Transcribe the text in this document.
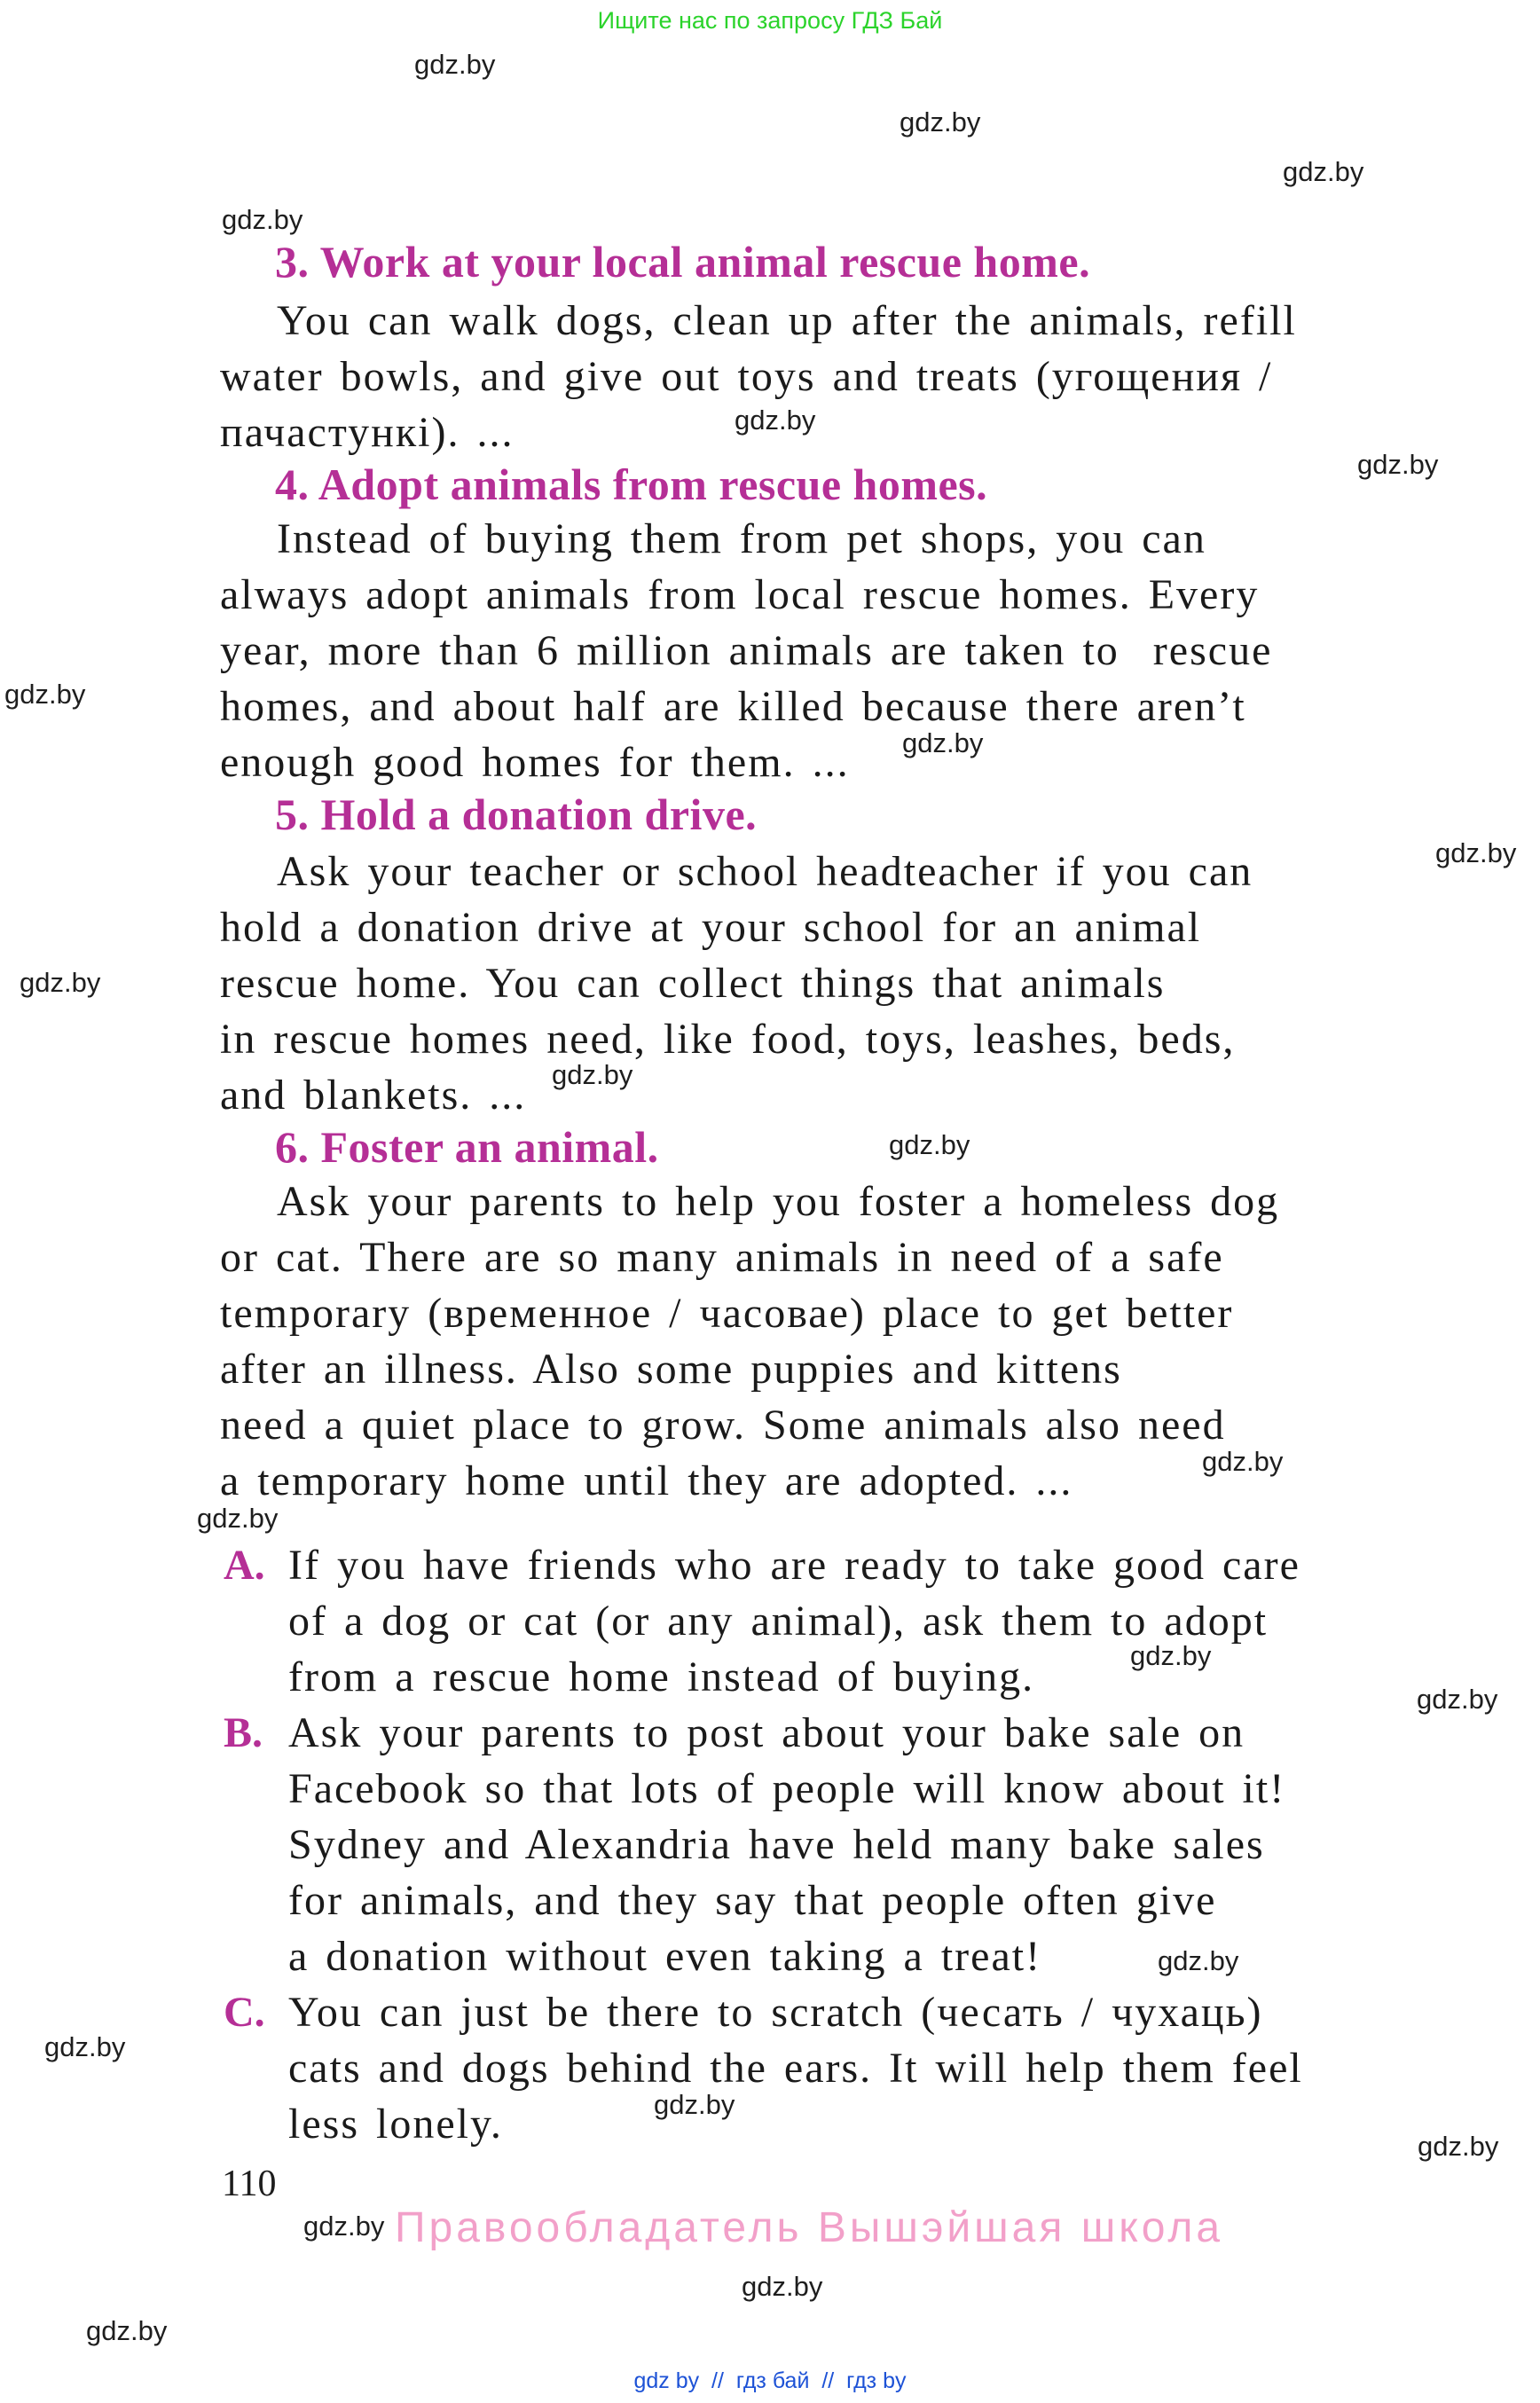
Ищите нас по запросу ГДЗ Бай
110
Правообладатель Вышэйшая школа
gdz by  //  гдз бай  //  гдз by
gdz.by
gdz.by
gdz.by
gdz.by
gdz.by
gdz.by
gdz.by
gdz.by
gdz.by
gdz.by
gdz.by
gdz.by
gdz.by
gdz.by
gdz.by
gdz.by
gdz.by
gdz.by
gdz.by
gdz.by
gdz.by
gdz.by
gdz.by
3. Work at your local animal rescue home.
You can walk dogs, clean up after the animals, refill
water bowls, and give out toys and treats (угощения /
пачастункі). ...
4. Adopt animals from rescue homes.
Instead of buying them from pet shops, you can
always adopt animals from local rescue homes. Every
year, more than 6 million animals are taken to  rescue
homes, and about half are killed because there aren’t
enough good homes for them. ...
5. Hold a donation drive.
Ask your teacher or school headteacher if you can
hold a donation drive at your school for an animal
rescue home. You can collect things that animals
in rescue homes need, like food, toys, leashes, beds,
and blankets. ...
6. Foster an animal.
Ask your parents to help you foster a homeless dog
or cat. There are so many animals in need of a safe
temporary (временное / часовае) place to get better
after an illness. Also some puppies and kittens
need a quiet place to grow. Some animals also need
a temporary home until they are adopted. ...
A. If you have friends who are ready to take good care
of a dog or cat (or any animal), ask them to adopt
from a rescue home instead of buying.
B. Ask your parents to post about your bake sale on
Facebook so that lots of people will know about it!
Sydney and Alexandria have held many bake sales
for animals, and they say that people often give
a donation without even taking a treat!
C. You can just be there to scratch (чесать / чухаць)
cats and dogs behind the ears. It will help them feel
less lonely.
